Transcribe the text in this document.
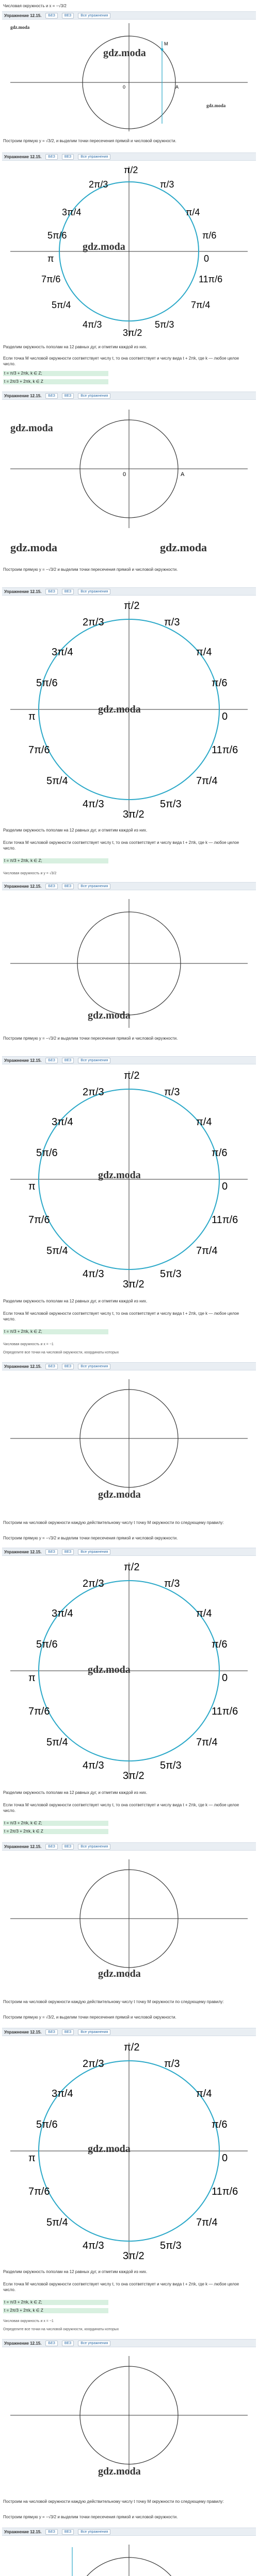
Числовая окружность и x = −√3/2
Упражнение 12.15.	БЕЗ	ВЕЗ	Все упражнения
M
A
0
gdz.moda
gdz.moda
gdz.moda
Построим прямую y = √3/2, и выделим точки пересечения прямой и числовой окружности.
Упражнение 12.15.	БЕЗ	ВЕЗ	Все упражнения
π/2
2π/3	π/3
3π/4	π/4
5π/6	π/6
π	0
7π/6	11π/6
5π/4	7π/4
4π/3	5π/3
3π/2
gdz.moda
Разделим окружность пополам на 12 равных дуг, и отметим каждой из них.
Если точка M числовой окружности соответствует числу t, то она соответствует и числу вида t + 2πk, где k — любое целое число.
t = π/3 + 2πk, k ∈ Z;
t = 2π/3 + 2πk, k ∈ Z
Упражнение 12.15.	БЕЗ	ВЕЗ	Все упражнения
0	A
gdz.moda
gdz.moda	gdz.moda
Построим прямую y = −√3/2 и выделим точки пересечения прямой и числовой окружности.
Упражнение 12.15.	БЕЗ	ВЕЗ	Все упражнения
π/2
2π/3	π/3
3π/4	π/4
5π/6	π/6
π	0
7π/6	11π/6
5π/4	7π/4
4π/3	5π/3
3π/2
gdz.moda
Разделим окружность пополам на 12 равных дуг, и отметим каждой из них.
Если точка M числовой окружности соответствует числу t, то она соответствует и числу вида t + 2πk, где k — любое целое число.
t = π/3 + 2πk, k ∈ Z;
Числовая окружность и y = √3/2
Упражнение 12.15.	БЕЗ	ВЕЗ	Все упражнения
gdz.moda
Построим прямую y = −√3/2 и выделим точки пересечения прямой и числовой окружности.
Упражнение 12.15.	БЕЗ	ВЕЗ	Все упражнения
π/2
2π/3	π/3
3π/4	π/4
5π/6	π/6
π	0
7π/6	11π/6
5π/4	7π/4
4π/3	5π/3
3π/2
gdz.moda
Разделим окружность пополам на 12 равных дуг, и отметим каждой из них.
Если точка M числовой окружности соответствует числу t, то она соответствует и числу вида t + 2πk, где k — любое целое число.
t = π/3 + 2πk, k ∈ Z;
Числовая окружность и x = −1
Определите все точки на числовой окружности, координаты которых
Упражнение 12.15.	БЕЗ	ВЕЗ	Все упражнения
gdz.moda
Построим на числовой окружности каждую действительному числу t точку M окружности по следующему правилу:
Построим прямую y = −√3/2 и выделим точки пересечения прямой и числовой окружности.
Упражнение 12.15.	БЕЗ	ВЕЗ	Все упражнения
π/2
2π/3	π/3
3π/4	π/4
5π/6	π/6
π	0
7π/6	11π/6
5π/4	7π/4
4π/3	5π/3
3π/2
gdz.moda
Разделим окружность пополам на 12 равных дуг, и отметим каждой из них.
Если точка M числовой окружности соответствует числу t, то она соответствует и числу вида t + 2πk, где k — любое целое число.
t = π/3 + 2πk, k ∈ Z;
t = 2π/3 + 2πk, k ∈ Z
Упражнение 12.15.	БЕЗ	ВЕЗ	Все упражнения
gdz.moda
Построим на числовой окружности каждую действительному числу t точку M окружности по следующему правилу:
Построим прямую y = √3/2, и выделим точки пересечения прямой и числовой окружности.
Упражнение 12.15.	БЕЗ	ВЕЗ	Все упражнения
π/2
2π/3	π/3
3π/4	π/4
5π/6	π/6
π	0
7π/6	11π/6
5π/4	7π/4
4π/3	5π/3
3π/2
gdz.moda
Разделим окружность пополам на 12 равных дуг, и отметим каждой из них.
Если точка M числовой окружности соответствует числу t, то она соответствует и числу вида t + 2πk, где k — любое целое число.
t = π/3 + 2πk, k ∈ Z;
t = 2π/3 + 2πk, k ∈ Z
Числовая окружность и x = −1
Определите все точки на числовой окружности, координаты которых
Упражнение 12.15.	БЕЗ	ВЕЗ	Все упражнения
gdz.moda
Построим на числовой окружности каждую действительному числу t точку M окружности по следующему правилу:
Построим прямую y = −√3/2 и выделим точки пересечения прямой и числовой окружности.
Упражнение 12.15.	БЕЗ	ВЕЗ	Все упражнения
